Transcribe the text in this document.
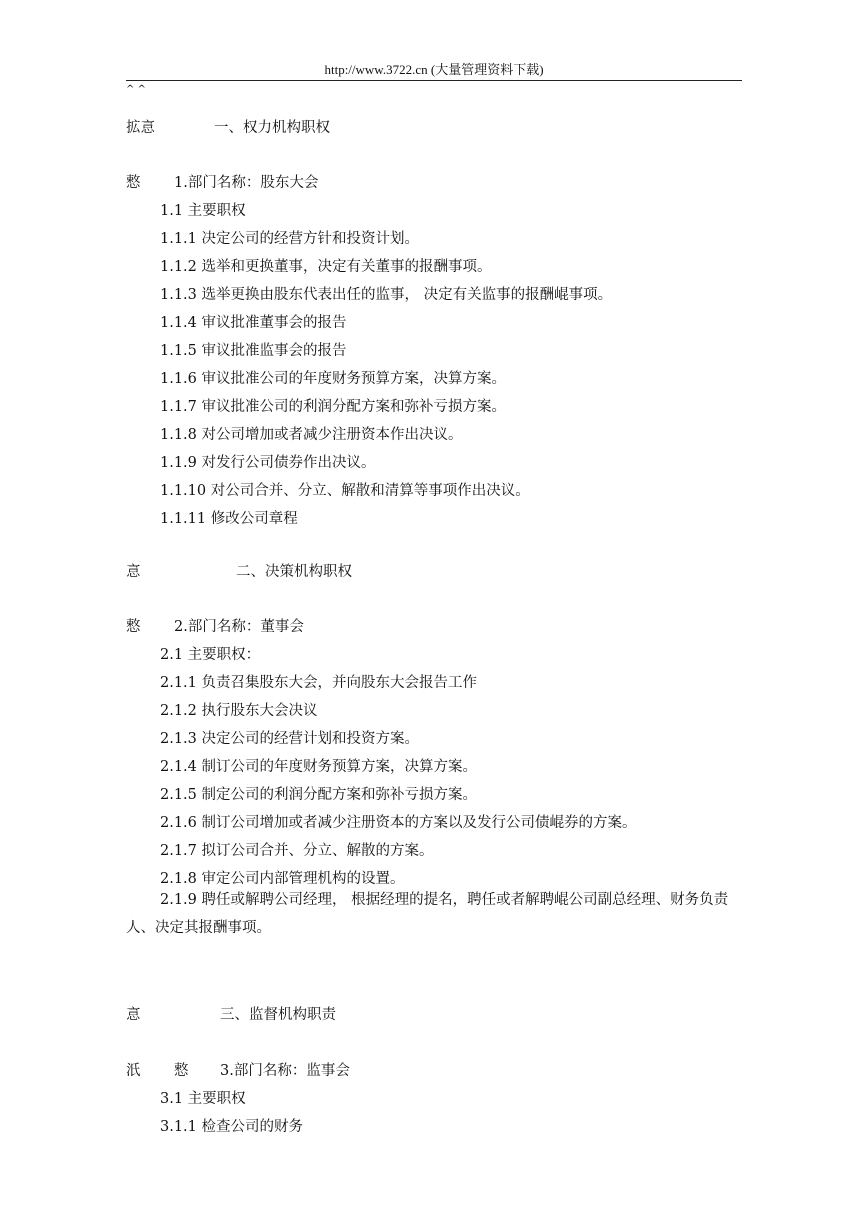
http://www.3722.cn (大量管理资料下载)
^ ^
拡悥	一、权力机构职权
慗 1.部门名称：股东大会
1.1 主要职权
1.1.1 决定公司的经营方针和投资计划。
1.1.2 选举和更换董事，决定有关董事的报酬事项。
1.1.3 选举更换由股东代表出任的监事， 决定有关监事的报酬崐事项。
1.1.4 审议批准董事会的报告
1.1.5 审议批准监事会的报告
1.1.6 审议批准公司的年度财务预算方案，决算方案。
1.1.7 审议批准公司的利润分配方案和弥补亏损方案。
1.1.8 对公司增加或者减少注册资本作出决议。
1.1.9 对发行公司债券作出决议。
1.1.10 对公司合并、分立、解散和清算等事项作出决议。
1.1.11 修改公司章程
悥	二、决策机构职权
慗 2.部门名称：董事会
2.1 主要职权：
2.1.1 负责召集股东大会，并向股东大会报告工作
2.1.2 执行股东大会决议
2.1.3 决定公司的经营计划和投资方案。
2.1.4 制订公司的年度财务预算方案，决算方案。
2.1.5 制定公司的利润分配方案和弥补亏损方案。
2.1.6 制订公司增加或者减少注册资本的方案以及发行公司债崐券的方案。
2.1.7 拟订公司合并、分立、解散的方案。
2.1.8 审定公司内部管理机构的设置。
2.1.9 聘任或解聘公司经理， 根据经理的提名，聘任或者解聘崐公司副总经理、财务负责人、决定其报酬事项。
悥	三、监督机构职责
汦 慗 3.部门名称：监事会
3.1 主要职权
3.1.1 检查公司的财务
